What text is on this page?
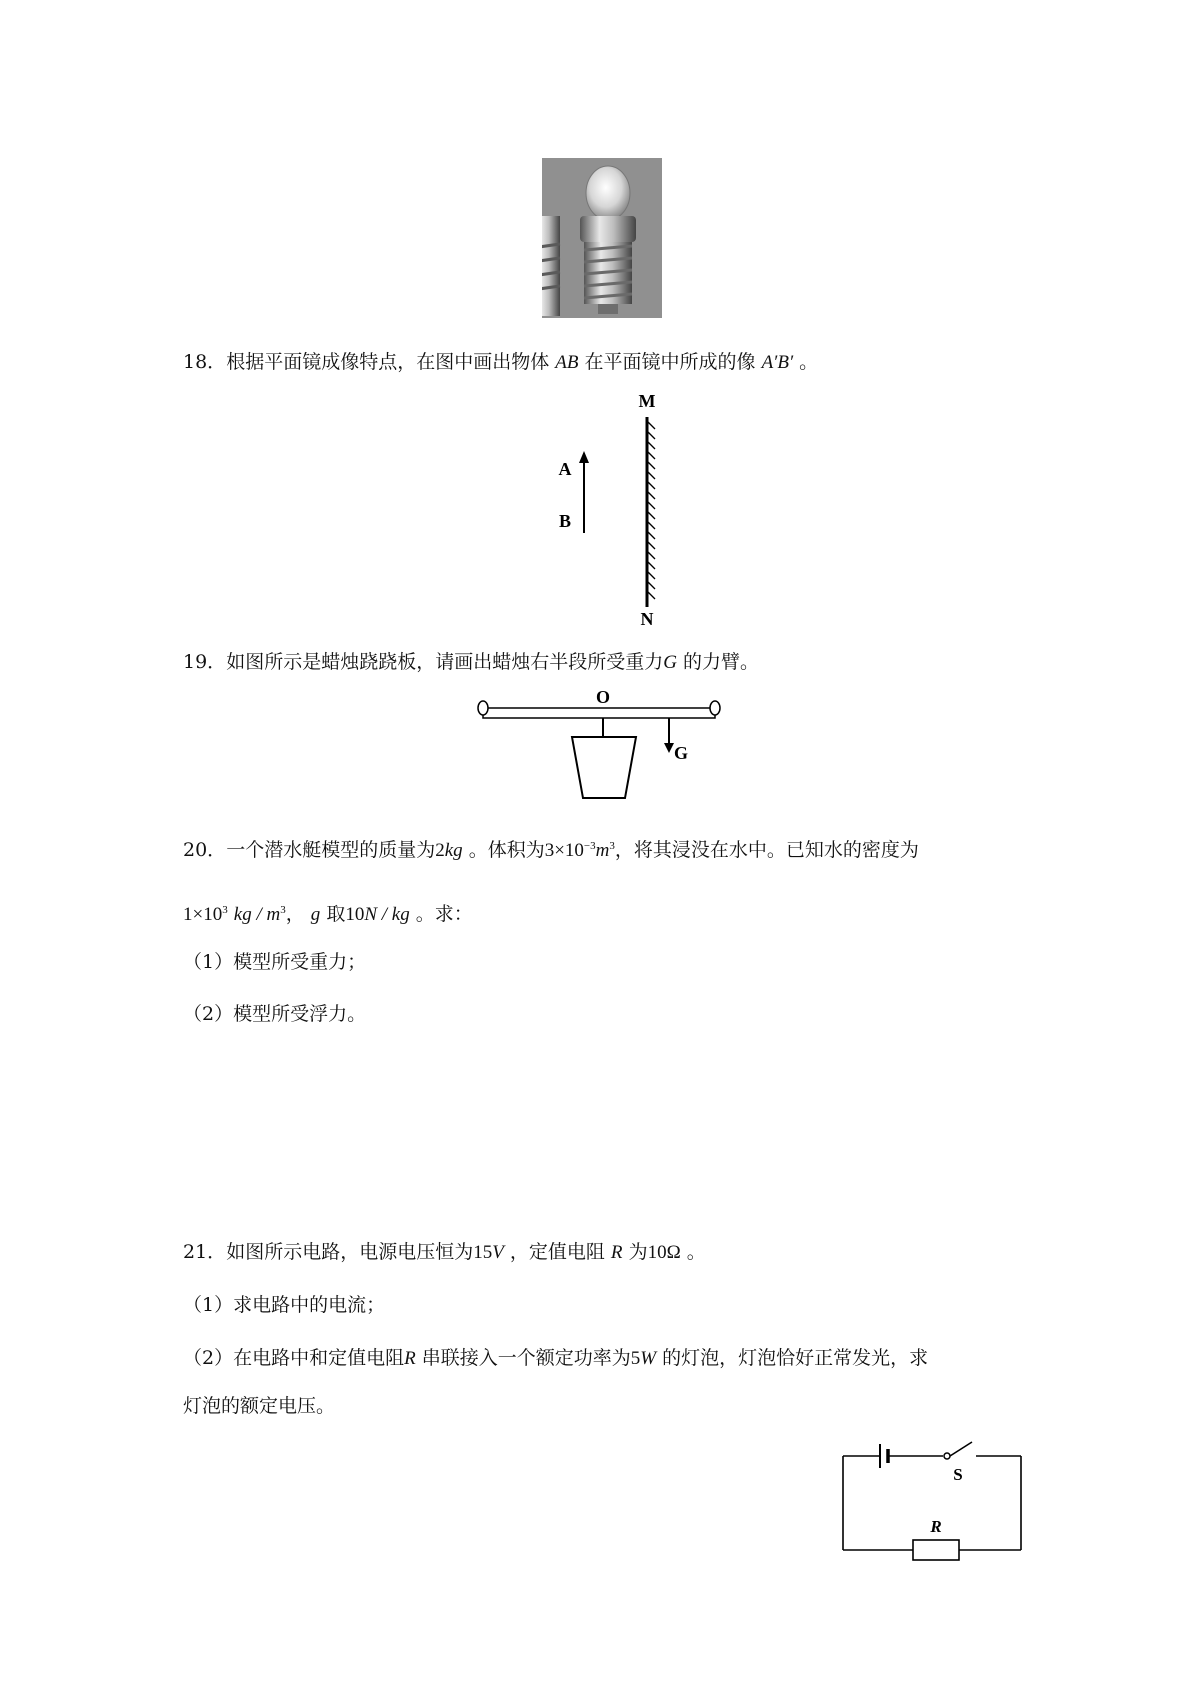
18．根据平面镜成像特点，在图中画出物体 AB 在平面镜中所成的像 A′B′ 。
M
A
B
N
19．如图所示是蜡烛跷跷板，请画出蜡烛右半段所受重力G 的力臂。
O
G
20．一个潜水艇模型的质量为2kg 。体积为$3\times 10^{-3}m^3$，将其浸没在水中。已知水的密度为
$1\times 10^3$ kg / $m^3$， g 取10N / kg 。求：
（1）模型所受重力；
（2）模型所受浮力。
21．如图所示电路，电源电压恒为15V ，定值电阻 R 为10Ω 。
（1）求电路中的电流；
（2）在电路中和定值电阻R 串联接入一个额定功率为5W 的灯泡，灯泡恰好正常发光，求
灯泡的额定电压。
S
R
